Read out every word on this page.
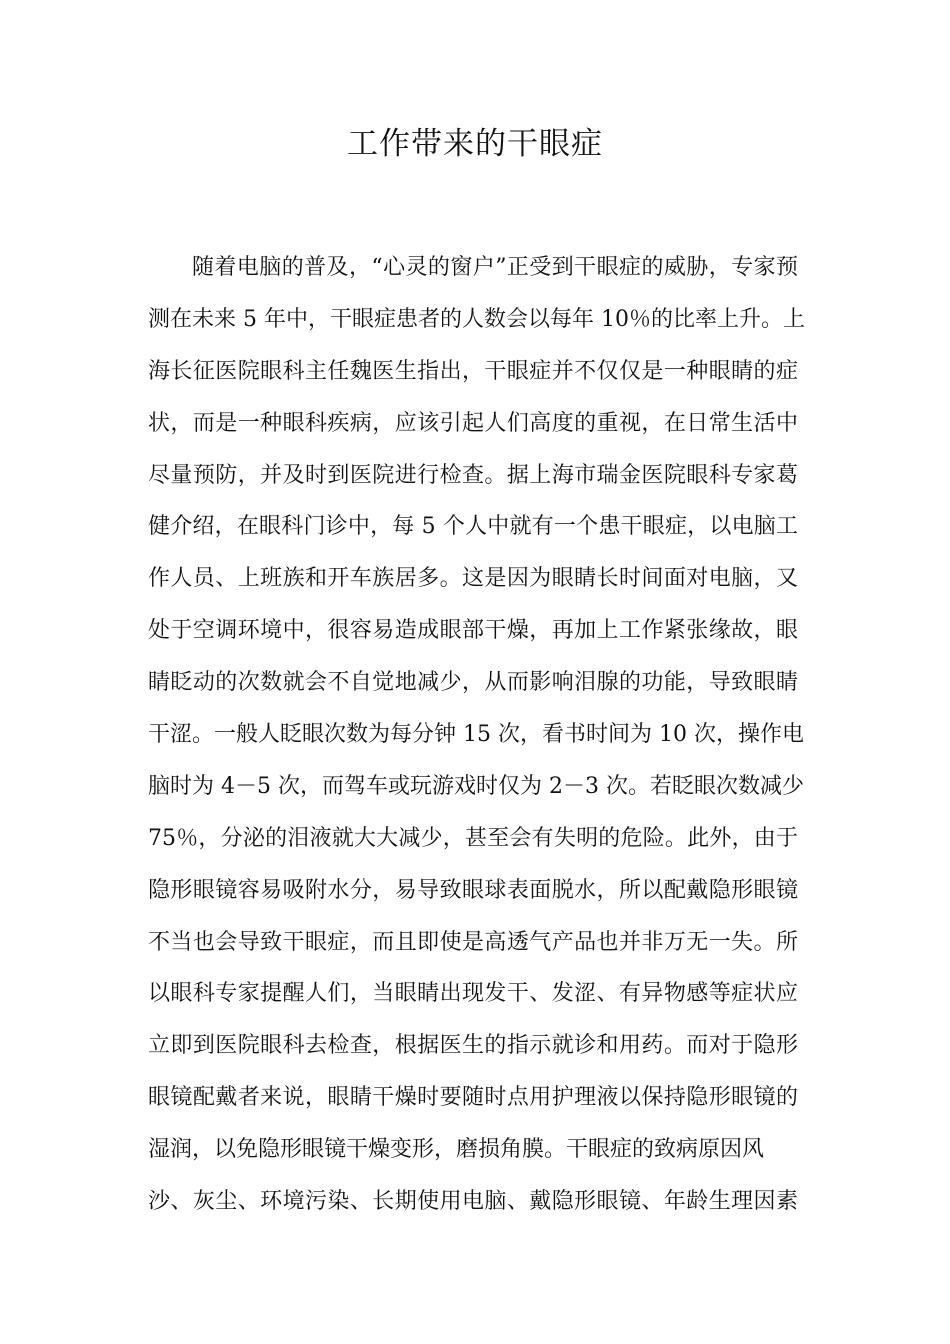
工作带来的干眼症
随着电脑的普及，“心灵的窗户”正受到干眼症的威胁，专家预
测在未来 5 年中，干眼症患者的人数会以每年 10％的比率上升。上
海长征医院眼科主任魏医生指出，干眼症并不仅仅是一种眼睛的症
状，而是一种眼科疾病，应该引起人们高度的重视，在日常生活中
尽量预防，并及时到医院进行检查。据上海市瑞金医院眼科专家葛
健介绍，在眼科门诊中，每 5 个人中就有一个患干眼症，以电脑工
作人员、上班族和开车族居多。这是因为眼睛长时间面对电脑，又
处于空调环境中，很容易造成眼部干燥，再加上工作紧张缘故，眼
睛眨动的次数就会不自觉地减少，从而影响泪腺的功能，导致眼睛
干涩。一般人眨眼次数为每分钟 15 次，看书时间为 10 次，操作电
脑时为 4－5 次，而驾车或玩游戏时仅为 2－3 次。若眨眼次数减少
75％，分泌的泪液就大大减少，甚至会有失明的危险。此外，由于
隐形眼镜容易吸附水分，易导致眼球表面脱水，所以配戴隐形眼镜
不当也会导致干眼症，而且即使是高透气产品也并非万无一失。所
以眼科专家提醒人们，当眼睛出现发干、发涩、有异物感等症状应
立即到医院眼科去检查，根据医生的指示就诊和用药。而对于隐形
眼镜配戴者来说，眼睛干燥时要随时点用护理液以保持隐形眼镜的
湿润，以免隐形眼镜干燥变形，磨损角膜。干眼症的致病原因风
沙、灰尘、环境污染、长期使用电脑、戴隐形眼镜、年龄生理因素
